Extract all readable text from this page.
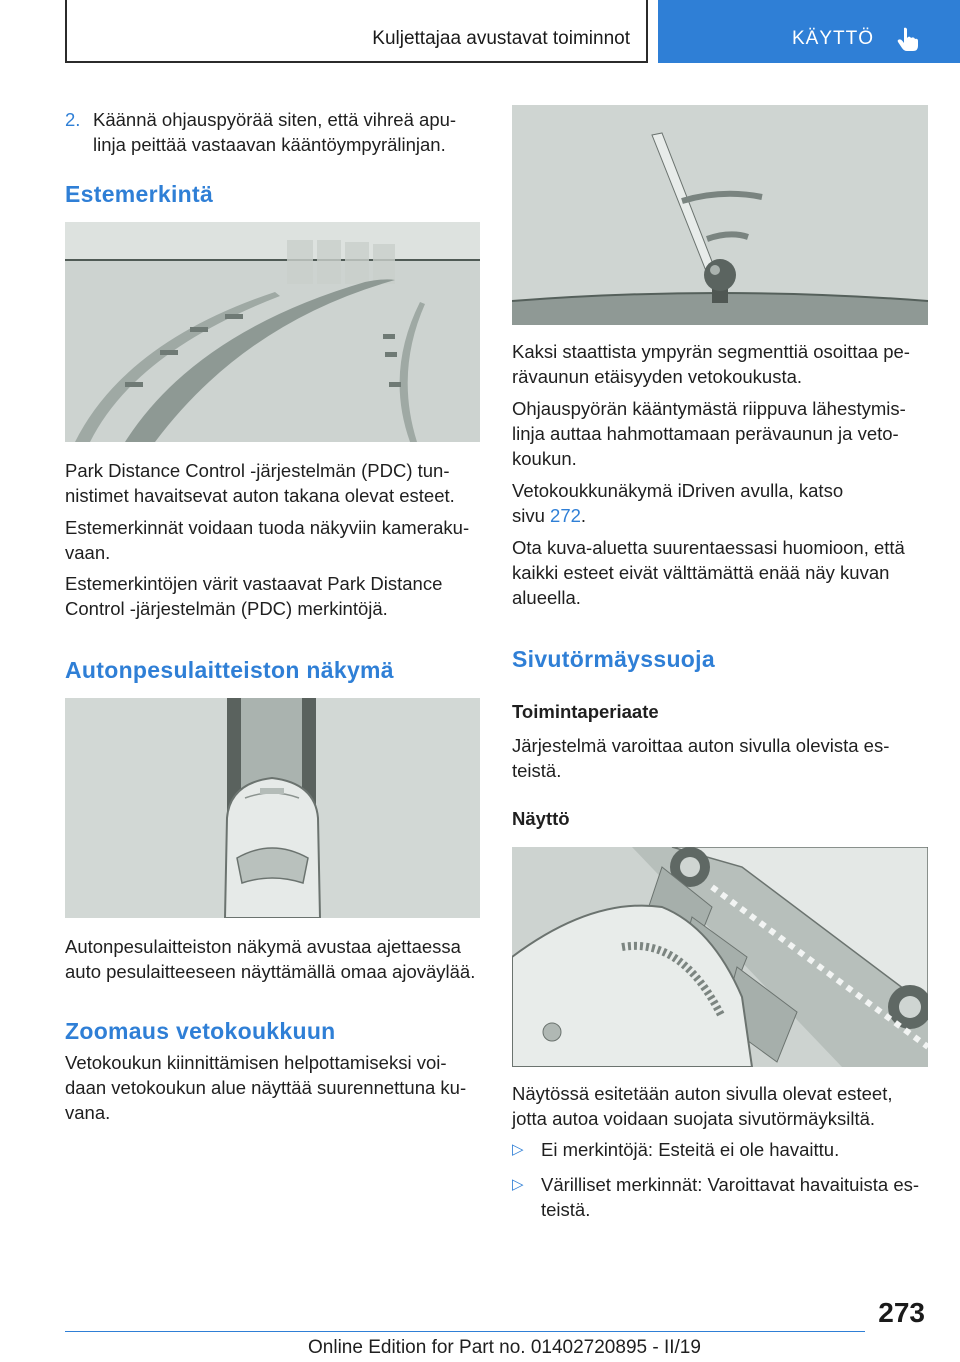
Kuljettajaa avustavat toiminnot	KÄYTTÖ
2. Käännä ohjauspyörää siten, että vihreä apu‐
linja peittää vastaavan kääntöympyrälinjan.
Estemerkintä
Park Distance Control -järjestelmän (PDC) tun‐
nistimet havaitsevat auton takana olevat esteet.
Estemerkinnät voidaan tuoda näkyviin kameraku‐
vaan.
Estemerkintöjen värit vastaavat Park Distance
Control -järjestelmän (PDC) merkintöjä.
Autonpesulaitteiston näkymä
Autonpesulaitteiston näkymä avustaa ajettaessa
auto pesulaitteeseen näyttämällä omaa ajoväylää.
Zoomaus vetokoukkuun
Vetokoukun kiinnittämisen helpottamiseksi voi‐
daan vetokoukun alue näyttää suurennettuna ku‐
vana.
Kaksi staattista ympyrän segmenttiä osoittaa pe‐
rävaunun etäisyyden vetokoukusta.
Ohjauspyörän kääntymästä riippuva lähestymis‐
linja auttaa hahmottamaan perävaunun ja veto‐
koukun.
Vetokoukkunäkymä iDriven avulla, katso
sivu 272.
Ota kuva-aluetta suurentaessasi huomioon, että
kaikki esteet eivät välttämättä enää näy kuvan
alueella.
Sivutörmäyssuoja
Toimintaperiaate
Järjestelmä varoittaa auton sivulla olevista es‐
teistä.
Näyttö
Näytössä esitetään auton sivulla olevat esteet,
jotta autoa voidaan suojata sivutörmäyksiltä.
▷ Ei merkintöjä: Esteitä ei ole havaittu.
▷ Värilliset merkinnät: Varoittavat havaituista es‐
teistä.
273
Online Edition for Part no. 01402720895 - II/19
